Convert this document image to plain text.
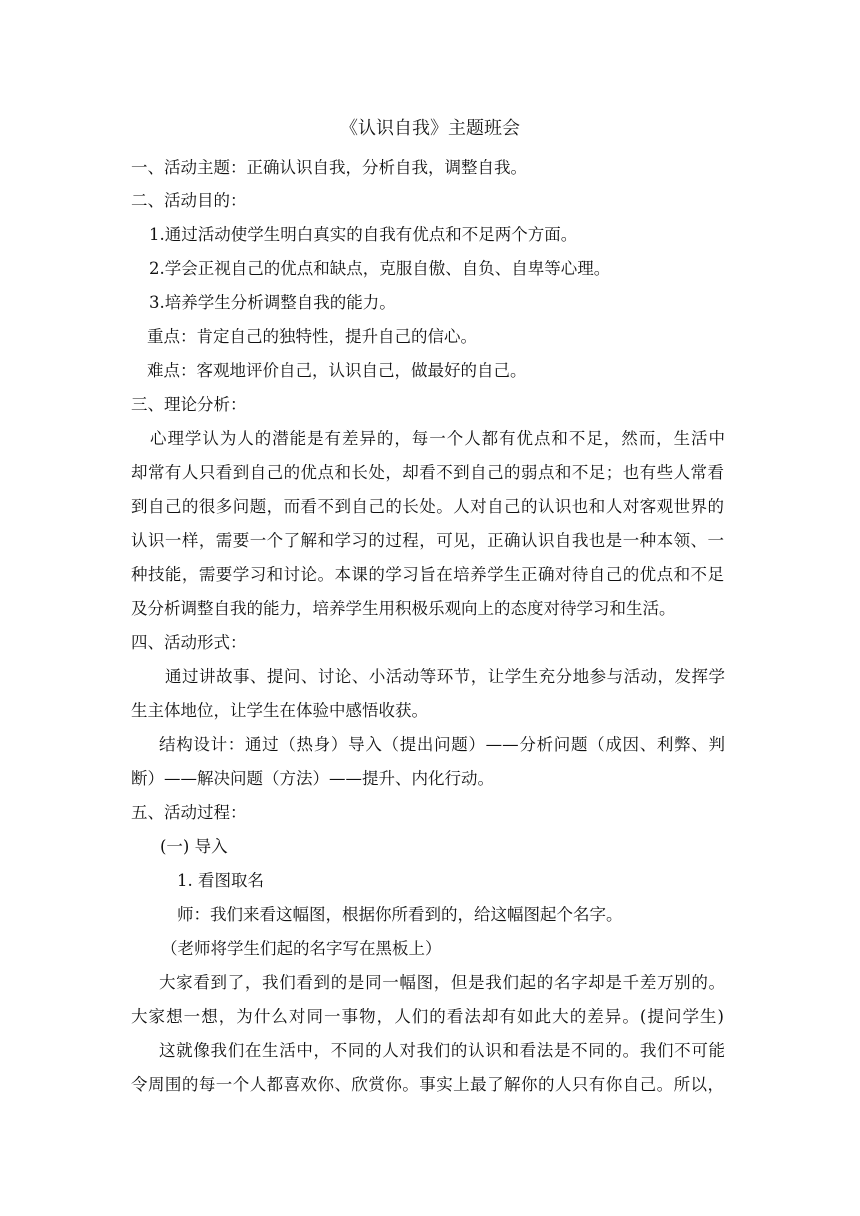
《认识自我》主题班会
一、活动主题：正确认识自我，分析自我，调整自我。
二、活动目的：
1.通过活动使学生明白真实的自我有优点和不足两个方面。
2.学会正视自己的优点和缺点，克服自傲、自负、自卑等心理。
3.培养学生分析调整自我的能力。
重点：肯定自己的独特性，提升自己的信心。
难点：客观地评价自己，认识自己，做最好的自己。
三、理论分析：
心理学认为人的潜能是有差异的，每一个人都有优点和不足，然而，生活中
却常有人只看到自己的优点和长处，却看不到自己的弱点和不足；也有些人常看
到自己的很多问题，而看不到自己的长处。人对自己的认识也和人对客观世界的
认识一样，需要一个了解和学习的过程，可见，正确认识自我也是一种本领、一
种技能，需要学习和讨论。本课的学习旨在培养学生正确对待自己的优点和不足
及分析调整自我的能力，培养学生用积极乐观向上的态度对待学习和生活。
四、活动形式：
通过讲故事、提问、讨论、小活动等环节，让学生充分地参与活动，发挥学
生主体地位，让学生在体验中感悟收获。
结构设计：通过（热身）导入（提出问题）——分析问题（成因、利弊、判
断）——解决问题（方法）——提升、内化行动。
五、活动过程：
(一) 导入
1. 看图取名
师：我们来看这幅图，根据你所看到的，给这幅图起个名字。
（老师将学生们起的名字写在黑板上）
大家看到了，我们看到的是同一幅图，但是我们起的名字却是千差万别的。
大家想一想，为什么对同一事物，人们的看法却有如此大的差异。(提问学生)
这就像我们在生活中，不同的人对我们的认识和看法是不同的。我们不可能
令周围的每一个人都喜欢你、欣赏你。事实上最了解你的人只有你自己。所以，
